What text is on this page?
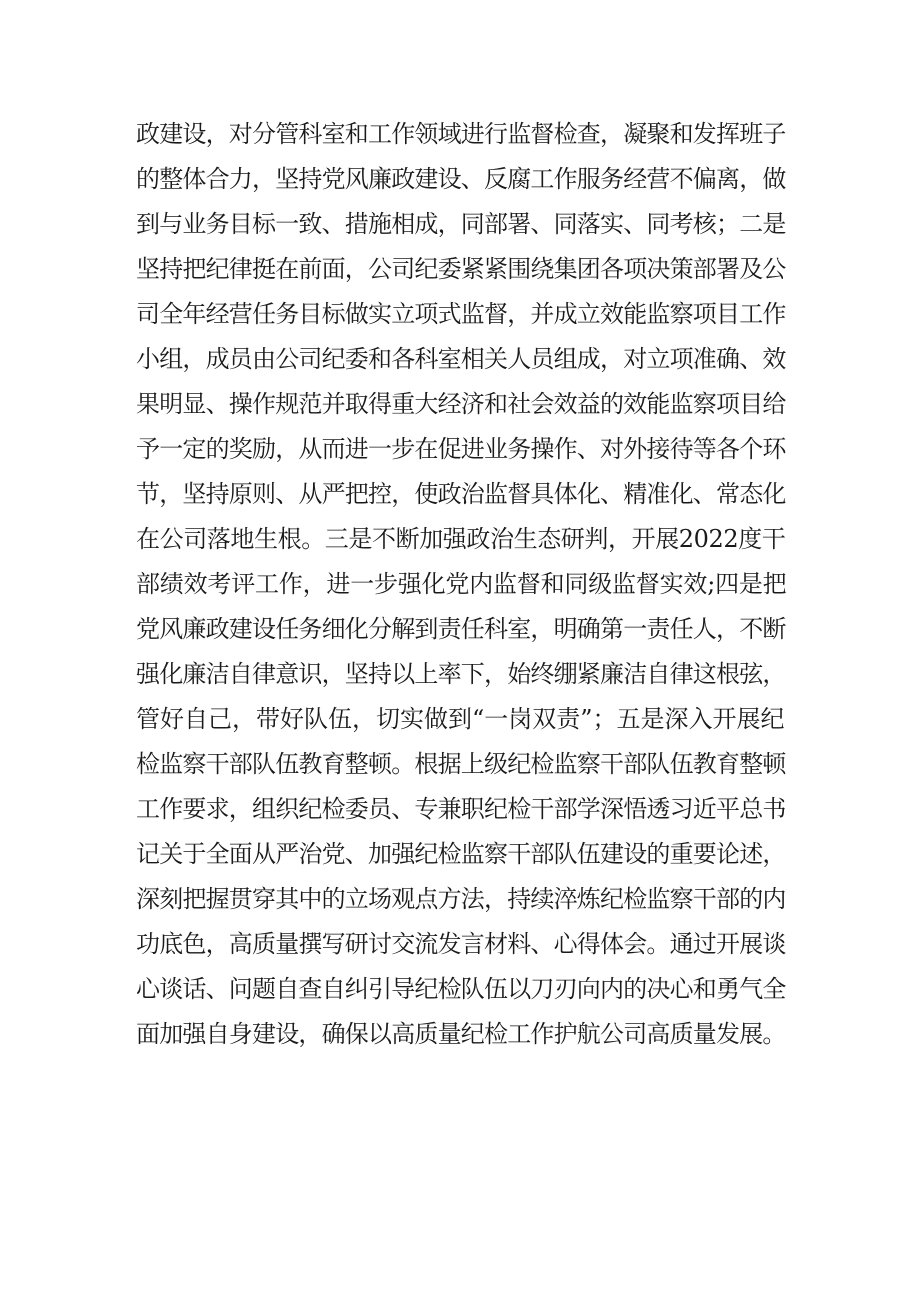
政建设，对分管科室和工作领域进行监督检查，凝聚和发挥班子
的整体合力，坚持党风廉政建设、反腐工作服务经营不偏离，做
到与业务目标一致、措施相成，同部署、同落实、同考核；二是
坚持把纪律挺在前面，公司纪委紧紧围绕集团各项决策部署及公
司全年经营任务目标做实立项式监督，并成立效能监察项目工作
小组，成员由公司纪委和各科室相关人员组成，对立项准确、效
果明显、操作规范并取得重大经济和社会效益的效能监察项目给
予一定的奖励，从而进一步在促进业务操作、对外接待等各个环
节，坚持原则、从严把控，使政治监督具体化、精准化、常态化
在公司落地生根。三是不断加强政治生态研判，开展2022度干
部绩效考评工作，进一步强化党内监督和同级监督实效;四是把
党风廉政建设任务细化分解到责任科室，明确第一责任人，不断
强化廉洁自律意识，坚持以上率下，始终绷紧廉洁自律这根弦，
管好自己，带好队伍，切实做到“一岗双责”；五是深入开展纪
检监察干部队伍教育整顿。根据上级纪检监察干部队伍教育整顿
工作要求，组织纪检委员、专兼职纪检干部学深悟透习近平总书
记关于全面从严治党、加强纪检监察干部队伍建设的重要论述，
深刻把握贯穿其中的立场观点方法，持续淬炼纪检监察干部的内
功底色，高质量撰写研讨交流发言材料、心得体会。通过开展谈
心谈话、问题自查自纠引导纪检队伍以刀刃向内的决心和勇气全
面加强自身建设，确保以高质量纪检工作护航公司高质量发展。
